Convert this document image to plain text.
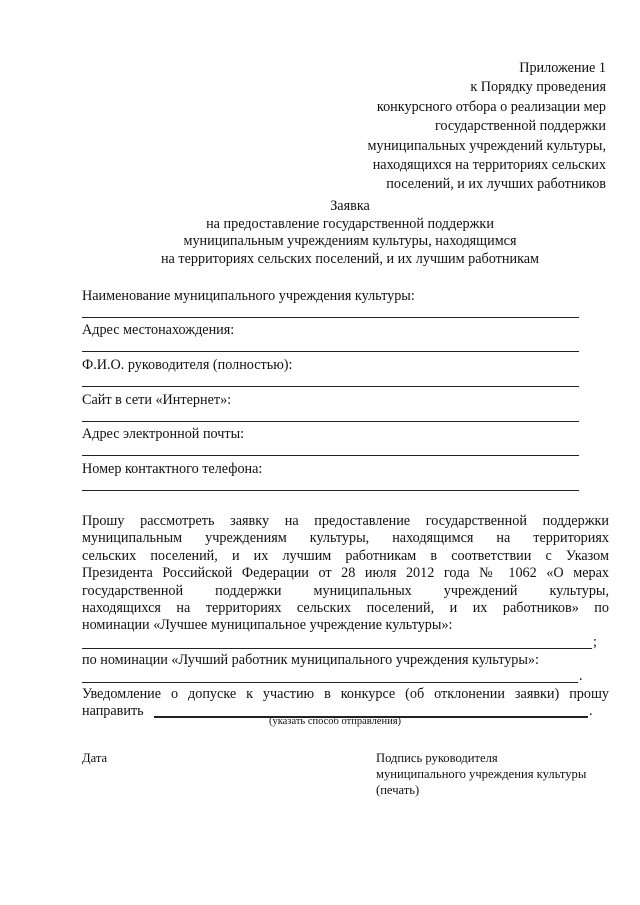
Приложение 1
к Порядку проведения
конкурсного отбора о реализации мер
государственной поддержки
муниципальных учреждений культуры,
находящихся на территориях сельских
поселений, и их лучших работников
Заявка
на предоставление государственной поддержки
муниципальным учреждениям культуры, находящимся
на территориях сельских поселений, и их лучшим работникам
Наименование муниципального учреждения культуры:
Адрес местонахождения:
Ф.И.О. руководителя (полностью):
Сайт в сети «Интернет»:
Адрес электронной почты:
Номер контактного телефона:
Прошу рассмотреть заявку на предоставление государственной поддержки
муниципальным учреждениям культуры, находящимся на территориях
сельских поселений, и их лучшим работникам в соответствии с Указом
Президента Российской Федерации от 28 июля 2012 года № 1062 «О мерах
государственной поддержки муниципальных учреждений культуры,
находящихся на территориях сельских поселений, и их работников» по
номинации «Лучшее муниципальное учреждение культуры»:
;
по номинации «Лучший работник муниципального учреждения культуры»:
.
Уведомление о допуске к участию в конкурсе (об отклонении заявки) прошу
направить	.
(указать способ отправления)
Дата	Подпись руководителя
муниципального учреждения культуры
(печать)
